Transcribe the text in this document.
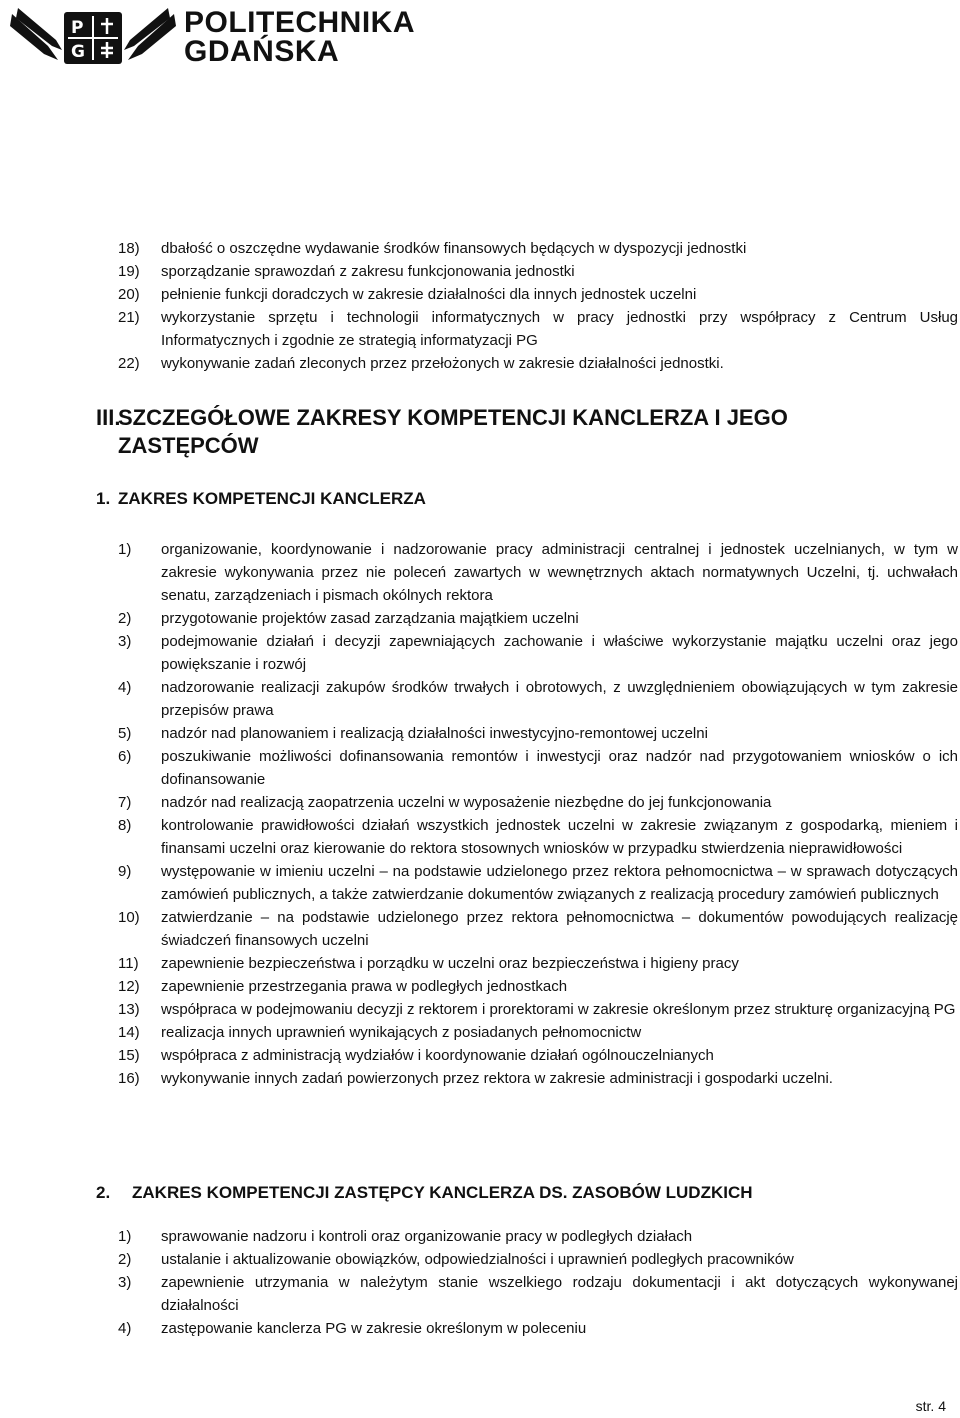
P
G
POLITECHNIKA
GDAŃSKA
18)	dbałość o oszczędne wydawanie środków finansowych będących w dyspozycji jednostki
19)	sporządzanie sprawozdań z zakresu funkcjonowania jednostki
20)	pełnienie funkcji doradczych w zakresie działalności dla innych jednostek uczelni
21)	wykorzystanie sprzętu i technologii informatycznych w pracy jednostki przy współpracy z Centrum Usług Informatycznych i zgodnie ze strategią informatyzacji PG
22)	wykonywanie zadań zleconych przez przełożonych w zakresie działalności jednostki.
III.
SZCZEGÓŁOWE ZAKRESY KOMPETENCJI KANCLERZA I JEGO ZASTĘPCÓW
1. ZAKRES KOMPETENCJI KANCLERZA
1)	organizowanie, koordynowanie i nadzorowanie pracy administracji centralnej i jednostek uczelnianych, w tym w zakresie wykonywania przez nie poleceń zawartych w wewnętrznych aktach normatywnych Uczelni, tj. uchwałach senatu, zarządzeniach i pismach okólnych rektora
2)	przygotowanie projektów zasad zarządzania majątkiem uczelni
3)	podejmowanie działań i decyzji zapewniających zachowanie i właściwe wykorzystanie majątku uczelni oraz jego powiększanie i rozwój
4)	nadzorowanie realizacji zakupów środków trwałych i obrotowych, z uwzględnieniem obowiązujących w tym zakresie przepisów prawa
5)	nadzór nad planowaniem i realizacją działalności inwestycyjno-remontowej uczelni
6)	poszukiwanie możliwości dofinansowania remontów i inwestycji oraz nadzór nad przygotowaniem wniosków o ich dofinansowanie
7)	nadzór nad realizacją zaopatrzenia uczelni w wyposażenie niezbędne do jej funkcjonowania
8)	kontrolowanie prawidłowości działań wszystkich jednostek uczelni w zakresie związanym z gospodarką, mieniem i finansami uczelni oraz kierowanie do rektora stosownych wniosków w przypadku stwierdzenia nieprawidłowości
9)	występowanie w imieniu uczelni – na podstawie udzielonego przez rektora pełnomocnictwa – w sprawach dotyczących zamówień publicznych, a także zatwierdzanie dokumentów związanych z realizacją procedury zamówień publicznych
10)	zatwierdzanie – na podstawie udzielonego przez rektora pełnomocnictwa – dokumentów powodujących realizację świadczeń finansowych uczelni
11)	zapewnienie bezpieczeństwa i porządku w uczelni oraz bezpieczeństwa i higieny pracy
12)	zapewnienie przestrzegania prawa w podległych jednostkach
13)	współpraca w podejmowaniu decyzji z rektorem i prorektorami w zakresie określonym przez strukturę organizacyjną PG
14)	realizacja innych uprawnień wynikających z posiadanych pełnomocnictw
15)	współpraca z administracją wydziałów i koordynowanie działań ogólnouczelnianych
16)	wykonywanie innych zadań powierzonych przez rektora w zakresie administracji i gospodarki uczelni.
2. ZAKRES KOMPETENCJI ZASTĘPCY KANCLERZA DS. ZASOBÓW LUDZKICH
1)	sprawowanie nadzoru i kontroli oraz organizowanie pracy w podległych działach
2)	ustalanie i aktualizowanie obowiązków, odpowiedzialności i uprawnień podległych pracowników
3)	zapewnienie utrzymania w należytym stanie wszelkiego rodzaju dokumentacji i akt dotyczących wykonywanej działalności
4)	zastępowanie kanclerza PG w zakresie określonym w poleceniu
str. 4
